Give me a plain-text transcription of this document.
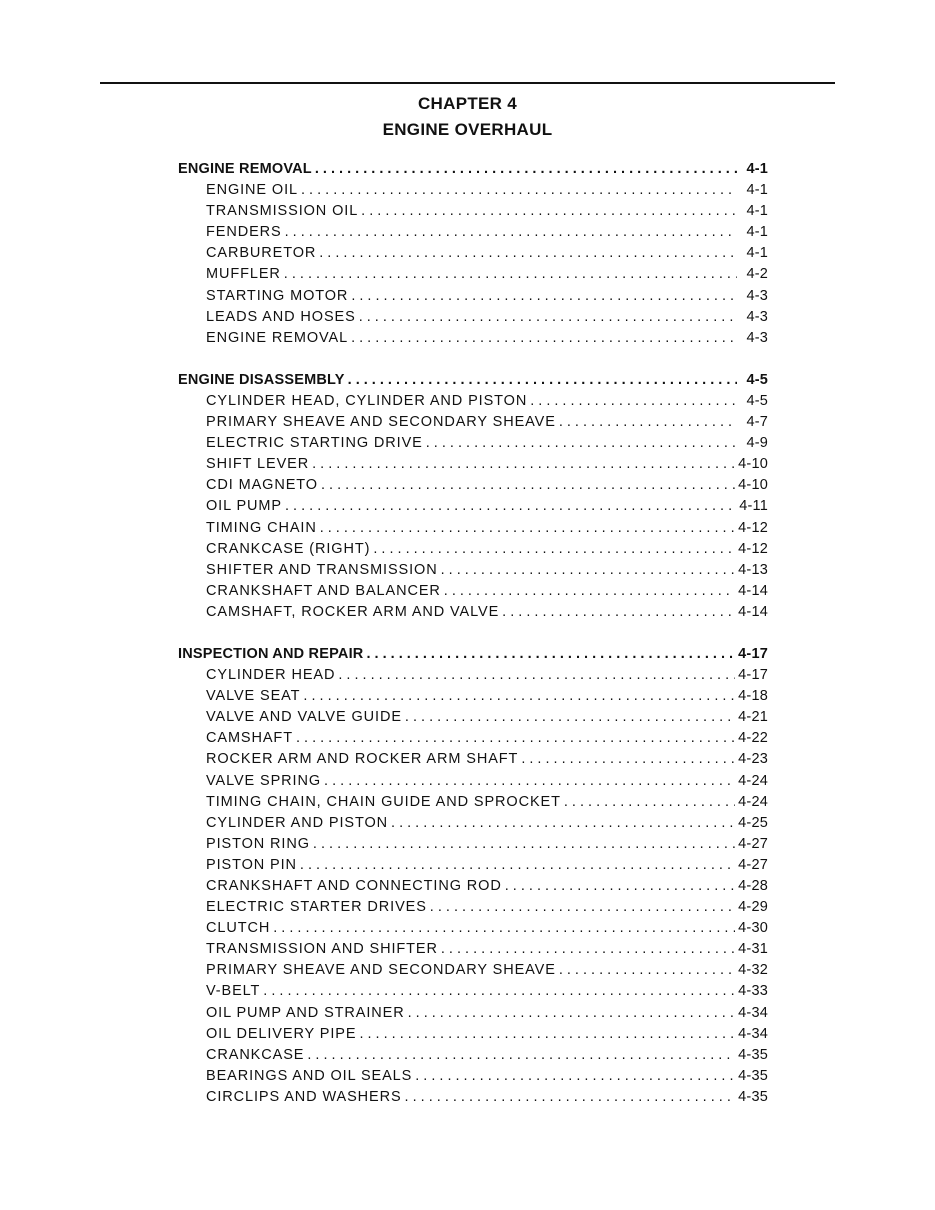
CHAPTER 4
ENGINE OVERHAUL
ENGINE REMOVAL . . .	4-1
ENGINE OIL . . .	4-1
TRANSMISSION OIL . . .	4-1
FENDERS . . .	4-1
CARBURETOR . . .	4-1
MUFFLER . . .	4-2
STARTING MOTOR . . .	4-3
LEADS AND HOSES . . .	4-3
ENGINE REMOVAL . . .	4-3
ENGINE DISASSEMBLY . . .	4-5
CYLINDER HEAD, CYLINDER AND PISTON . . .	4-5
PRIMARY SHEAVE AND SECONDARY SHEAVE . . .	4-7
ELECTRIC STARTING DRIVE . . .	4-9
SHIFT LEVER . . .	4-10
CDI MAGNETO . . .	4-10
OIL PUMP . . .	4-11
TIMING CHAIN . . .	4-12
CRANKCASE (RIGHT) . . .	4-12
SHIFTER AND TRANSMISSION . . .	4-13
CRANKSHAFT AND BALANCER . . .	4-14
CAMSHAFT, ROCKER ARM AND VALVE . . .	4-14
INSPECTION AND REPAIR . . .	4-17
CYLINDER HEAD . . .	4-17
VALVE SEAT . . .	4-18
VALVE AND VALVE GUIDE . . .	4-21
CAMSHAFT . . .	4-22
ROCKER ARM AND ROCKER ARM SHAFT . . .	4-23
VALVE SPRING . . .	4-24
TIMING CHAIN, CHAIN GUIDE AND SPROCKET . . .	4-24
CYLINDER AND PISTON . . .	4-25
PISTON RING . . .	4-27
PISTON PIN . . .	4-27
CRANKSHAFT AND CONNECTING ROD . . .	4-28
ELECTRIC STARTER DRIVES . . .	4-29
CLUTCH . . .	4-30
TRANSMISSION AND SHIFTER . . .	4-31
PRIMARY SHEAVE AND SECONDARY SHEAVE . . .	4-32
V-BELT . . .	4-33
OIL PUMP AND STRAINER . . .	4-34
OIL DELIVERY PIPE . . .	4-34
CRANKCASE . . .	4-35
BEARINGS AND OIL SEALS . . .	4-35
CIRCLIPS AND WASHERS . . .	4-35
